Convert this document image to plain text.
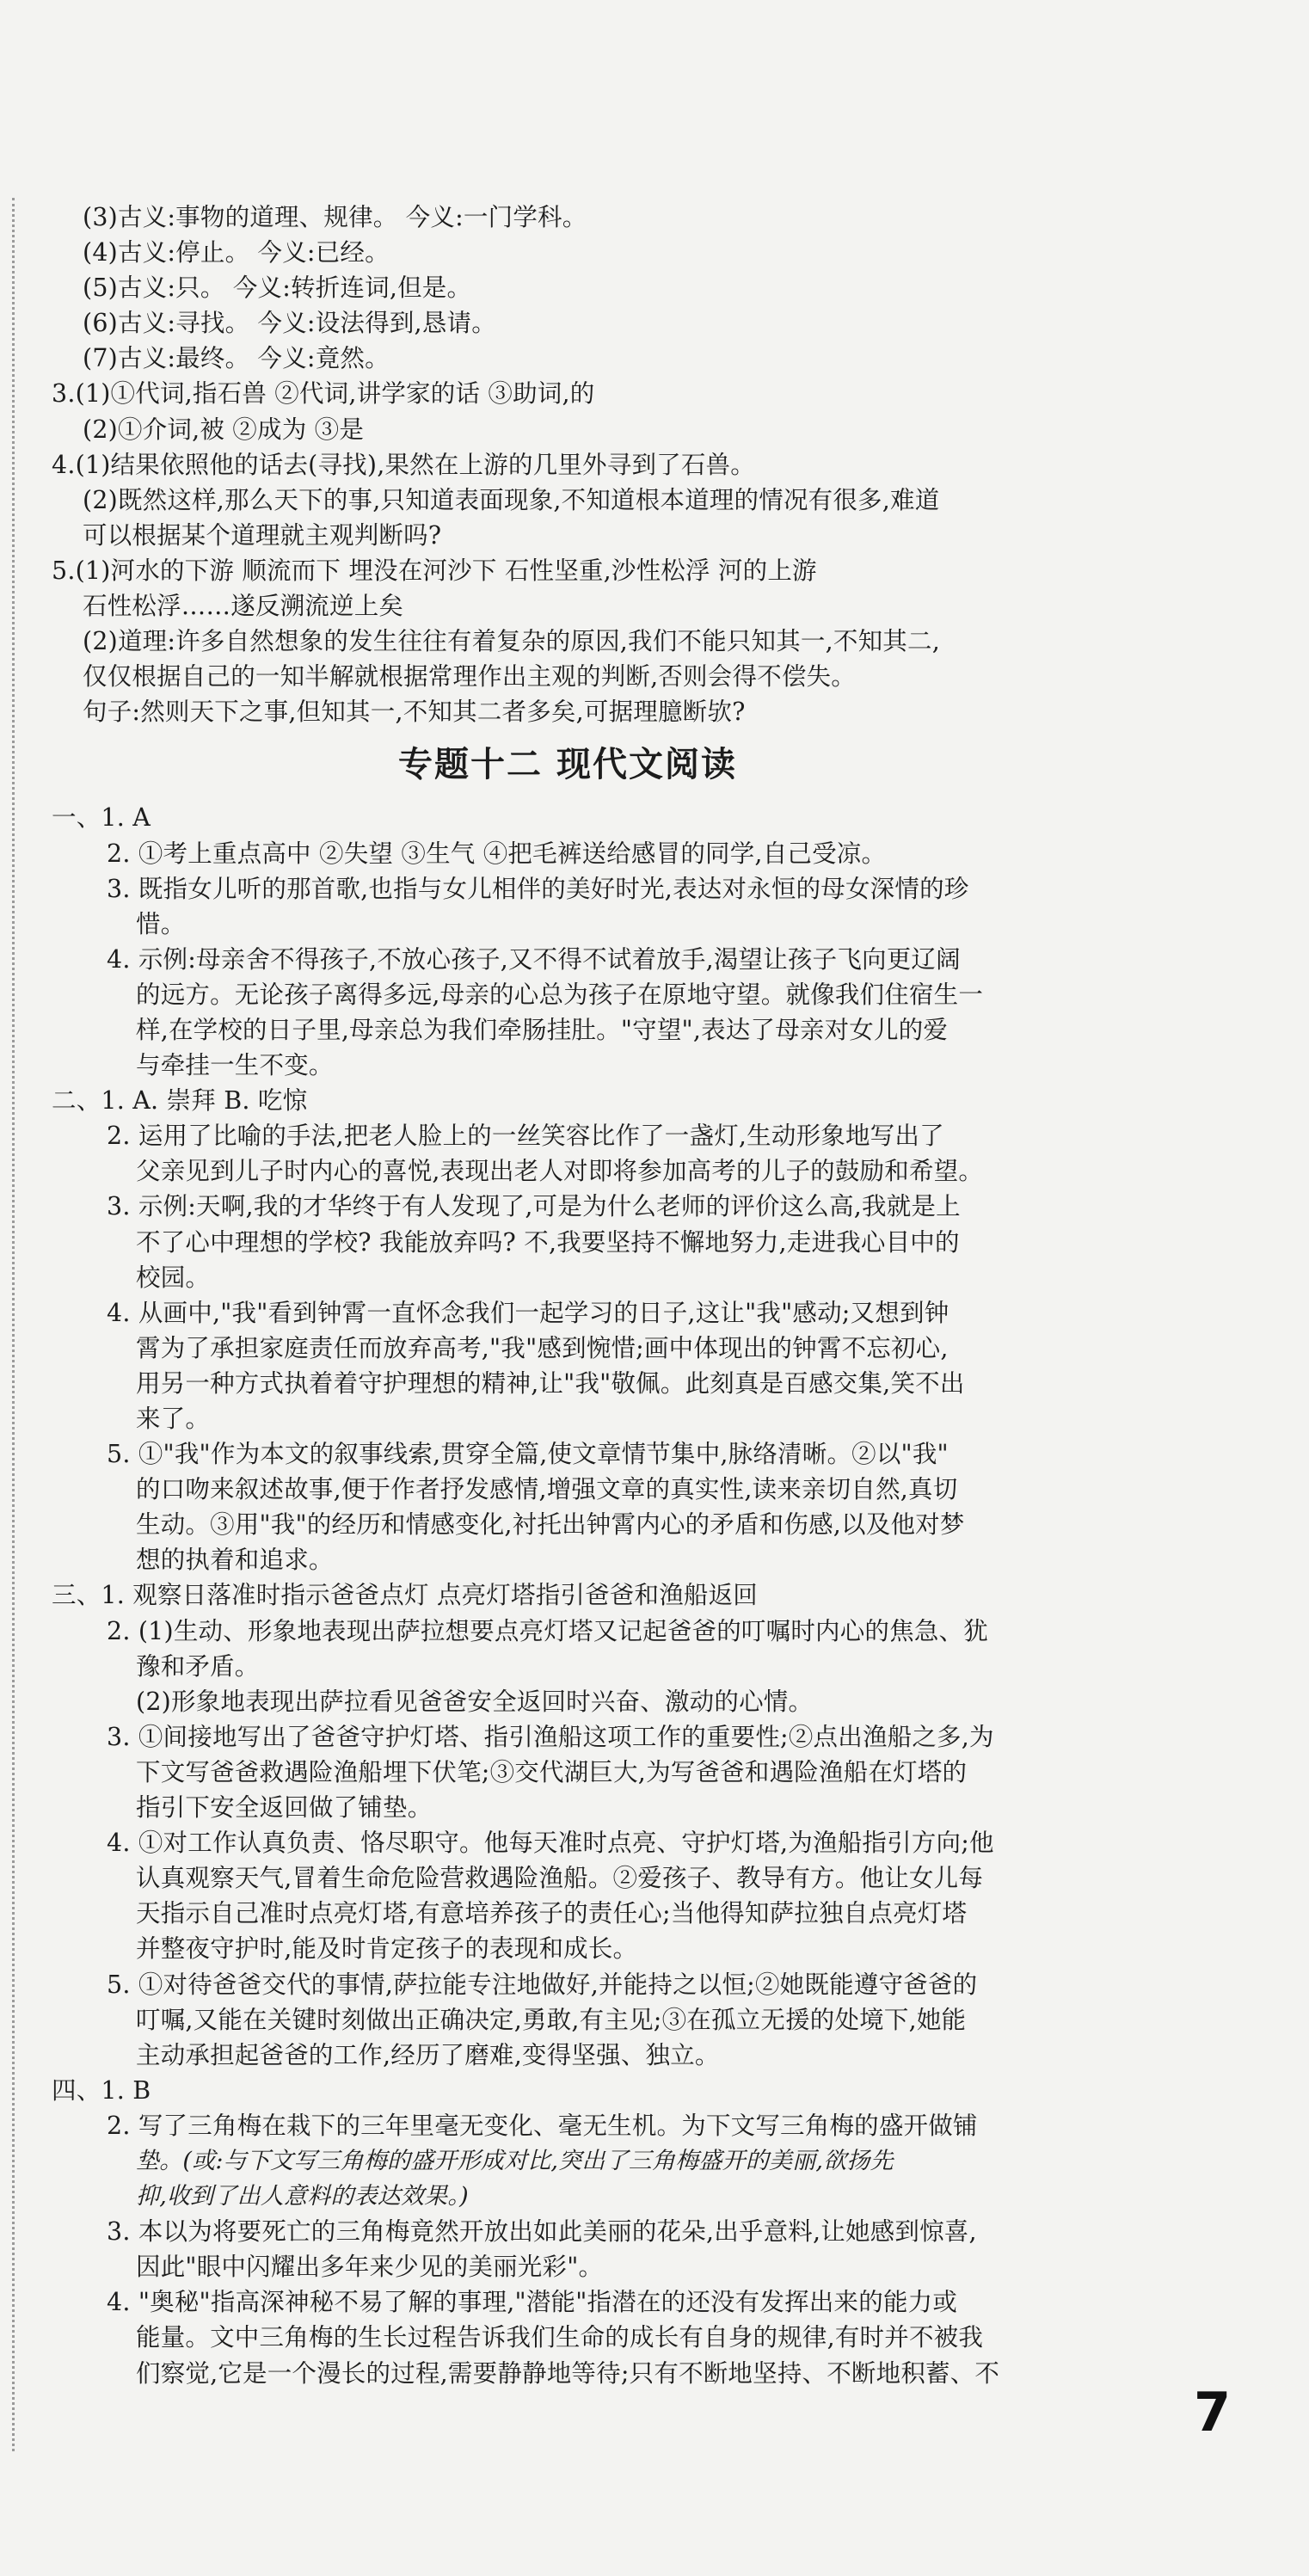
(3)古义:事物的道理、规律。 今义:一门学科。
(4)古义:停止。 今义:已经。
(5)古义:只。 今义:转折连词,但是。
(6)古义:寻找。 今义:设法得到,恳请。
(7)古义:最终。 今义:竟然。
3.(1)①代词,指石兽 ②代词,讲学家的话 ③助词,的
(2)①介词,被 ②成为 ③是
4.(1)结果依照他的话去(寻找),果然在上游的几里外寻到了石兽。
(2)既然这样,那么天下的事,只知道表面现象,不知道根本道理的情况有很多,难道
可以根据某个道理就主观判断吗?
5.(1)河水的下游 顺流而下 埋没在河沙下 石性坚重,沙性松浮 河的上游
石性松浮……遂反溯流逆上矣
(2)道理:许多自然想象的发生往往有着复杂的原因,我们不能只知其一,不知其二,
仅仅根据自己的一知半解就根据常理作出主观的判断,否则会得不偿失。
句子:然则天下之事,但知其一,不知其二者多矣,可据理臆断欤?
专题十二 现代文阅读
一、1. A
2. ①考上重点高中 ②失望 ③生气 ④把毛裤送给感冒的同学,自己受凉。
3. 既指女儿听的那首歌,也指与女儿相伴的美好时光,表达对永恒的母女深情的珍
惜。
4. 示例:母亲舍不得孩子,不放心孩子,又不得不试着放手,渴望让孩子飞向更辽阔
的远方。无论孩子离得多远,母亲的心总为孩子在原地守望。就像我们住宿生一
样,在学校的日子里,母亲总为我们牵肠挂肚。"守望",表达了母亲对女儿的爱
与牵挂一生不变。
二、1. A. 崇拜 B. 吃惊
2. 运用了比喻的手法,把老人脸上的一丝笑容比作了一盏灯,生动形象地写出了
父亲见到儿子时内心的喜悦,表现出老人对即将参加高考的儿子的鼓励和希望。
3. 示例:天啊,我的才华终于有人发现了,可是为什么老师的评价这么高,我就是上
不了心中理想的学校? 我能放弃吗? 不,我要坚持不懈地努力,走进我心目中的
校园。
4. 从画中,"我"看到钟霄一直怀念我们一起学习的日子,这让"我"感动;又想到钟
霄为了承担家庭责任而放弃高考,"我"感到惋惜;画中体现出的钟霄不忘初心,
用另一种方式执着着守护理想的精神,让"我"敬佩。此刻真是百感交集,笑不出
来了。
5. ①"我"作为本文的叙事线索,贯穿全篇,使文章情节集中,脉络清晰。②以"我"
的口吻来叙述故事,便于作者抒发感情,增强文章的真实性,读来亲切自然,真切
生动。③用"我"的经历和情感变化,衬托出钟霄内心的矛盾和伤感,以及他对梦
想的执着和追求。
三、1. 观察日落准时指示爸爸点灯 点亮灯塔指引爸爸和渔船返回
2. (1)生动、形象地表现出萨拉想要点亮灯塔又记起爸爸的叮嘱时内心的焦急、犹
豫和矛盾。
(2)形象地表现出萨拉看见爸爸安全返回时兴奋、激动的心情。
3. ①间接地写出了爸爸守护灯塔、指引渔船这项工作的重要性;②点出渔船之多,为
下文写爸爸救遇险渔船埋下伏笔;③交代湖巨大,为写爸爸和遇险渔船在灯塔的
指引下安全返回做了铺垫。
4. ①对工作认真负责、恪尽职守。他每天准时点亮、守护灯塔,为渔船指引方向;他
认真观察天气,冒着生命危险营救遇险渔船。②爱孩子、教导有方。他让女儿每
天指示自己准时点亮灯塔,有意培养孩子的责任心;当他得知萨拉独自点亮灯塔
并整夜守护时,能及时肯定孩子的表现和成长。
5. ①对待爸爸交代的事情,萨拉能专注地做好,并能持之以恒;②她既能遵守爸爸的
叮嘱,又能在关键时刻做出正确决定,勇敢,有主见;③在孤立无援的处境下,她能
主动承担起爸爸的工作,经历了磨难,变得坚强、独立。
四、1. B
2. 写了三角梅在栽下的三年里毫无变化、毫无生机。为下文写三角梅的盛开做铺
垫。(或:与下文写三角梅的盛开形成对比,突出了三角梅盛开的美丽,欲扬先
抑,收到了出人意料的表达效果。)
3. 本以为将要死亡的三角梅竟然开放出如此美丽的花朵,出乎意料,让她感到惊喜,
因此"眼中闪耀出多年来少见的美丽光彩"。
4. "奥秘"指高深神秘不易了解的事理,"潜能"指潜在的还没有发挥出来的能力或
能量。文中三角梅的生长过程告诉我们生命的成长有自身的规律,有时并不被我
们察觉,它是一个漫长的过程,需要静静地等待;只有不断地坚持、不断地积蓄、不
7
